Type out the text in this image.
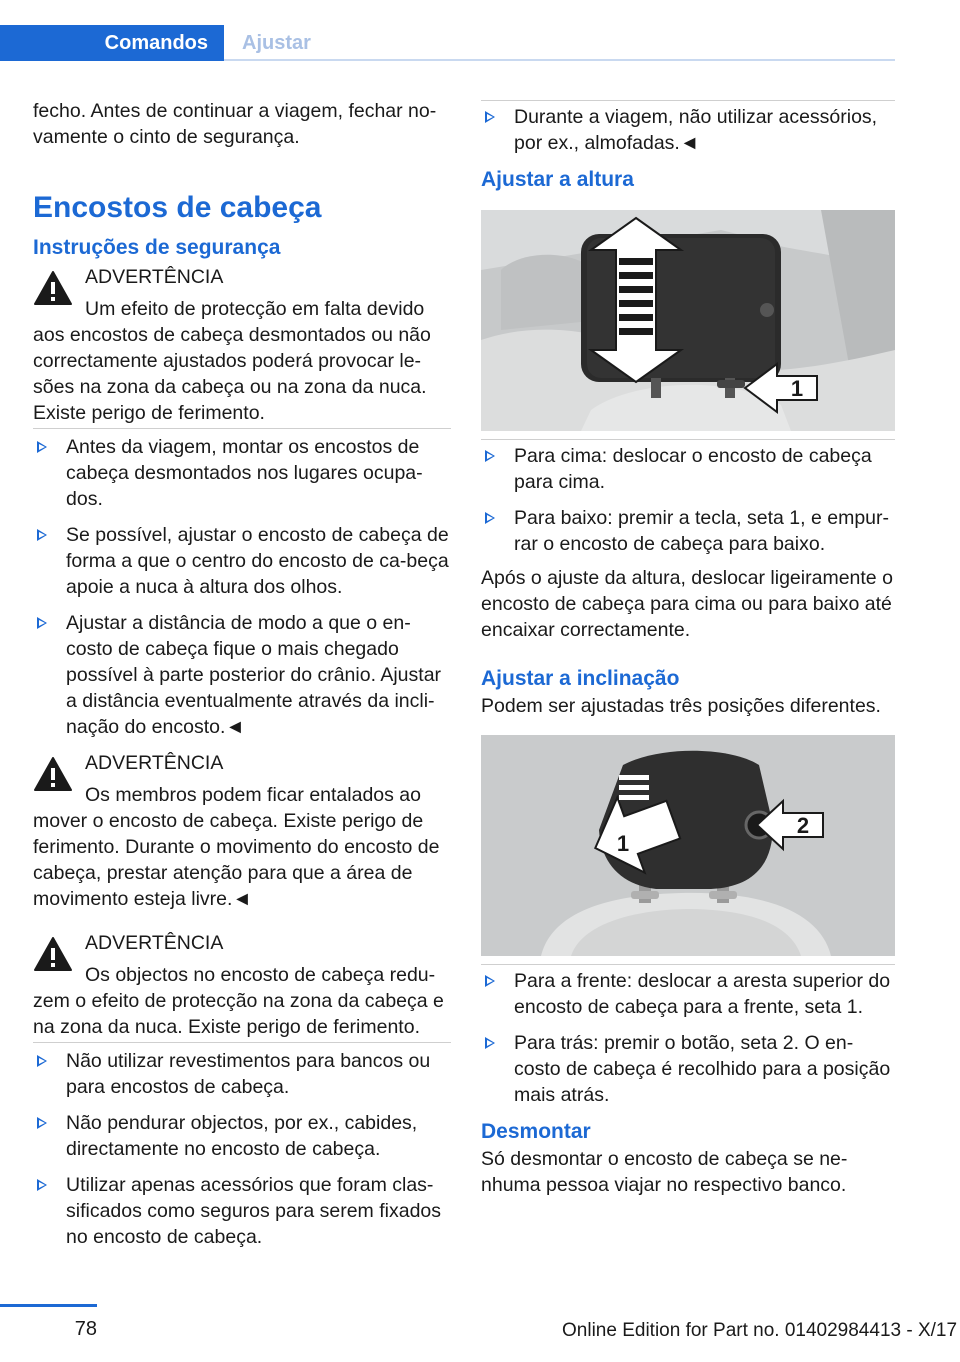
Comandos	Ajustar

fecho. Antes de continuar a viagem, fechar no‐vamente o cinto de segurança.

Encostos de cabeça
Instruções de segurança
ADVERTÊNCIA
Um efeito de protecção em falta devido

aos encostos de cabeça desmontados ou não correctamente ajustados poderá provocar le‐sões na zona da cabeça ou na zona da nuca. Existe perigo de ferimento.

Antes da viagem, montar os encostos de cabeça desmontados nos lugares ocupa‐dos.
Se possível, ajustar o encosto de cabeça de forma a que o centro do encosto de ca‐beça apoie a nuca à altura dos olhos.
Ajustar a distância de modo a que o en‐costo de cabeça fique o mais chegado possível à parte posterior do crânio. Ajustar a distância eventualmente através da incli‐nação do encosto.◄
ADVERTÊNCIA
Os membros podem ficar entalados ao

mover o encosto de cabeça. Existe perigo de ferimento. Durante o movimento do encosto de cabeça, prestar atenção para que a área de movimento esteja livre.◄

ADVERTÊNCIA
Os objectos no encosto de cabeça redu‐

zem o efeito de protecção na zona da cabeça e na zona da nuca. Existe perigo de ferimento.

Não utilizar revestimentos para bancos ou para encostos de cabeça.
Não pendurar objectos, por ex., cabides, directamente no encosto de cabeça.
Utilizar apenas acessórios que foram clas‐sificados como seguros para serem fixados no encosto de cabeça.
Durante a viagem, não utilizar acessórios, por ex., almofadas.◄
Ajustar a altura
1
Para cima: deslocar o encosto de cabeça para cima.
Para baixo: premir a tecla, seta 1, e empur‐rar o encosto de cabeça para baixo.

Após o ajuste da altura, deslocar ligeiramente o encosto de cabeça para cima ou para baixo até encaixar correctamente.

Ajustar a inclinação

Podem ser ajustadas três posições diferentes.

1
2
Para a frente: deslocar a aresta superior do encosto de cabeça para a frente, seta 1.
Para trás: premir o botão, seta 2. O en‐costo de cabeça é recolhido para a posição mais atrás.
Desmontar

Só desmontar o encosto de cabeça se ne‐nhuma pessoa viajar no respectivo banco.

78	Online Edition for Part no. 01402984413 - X/17
